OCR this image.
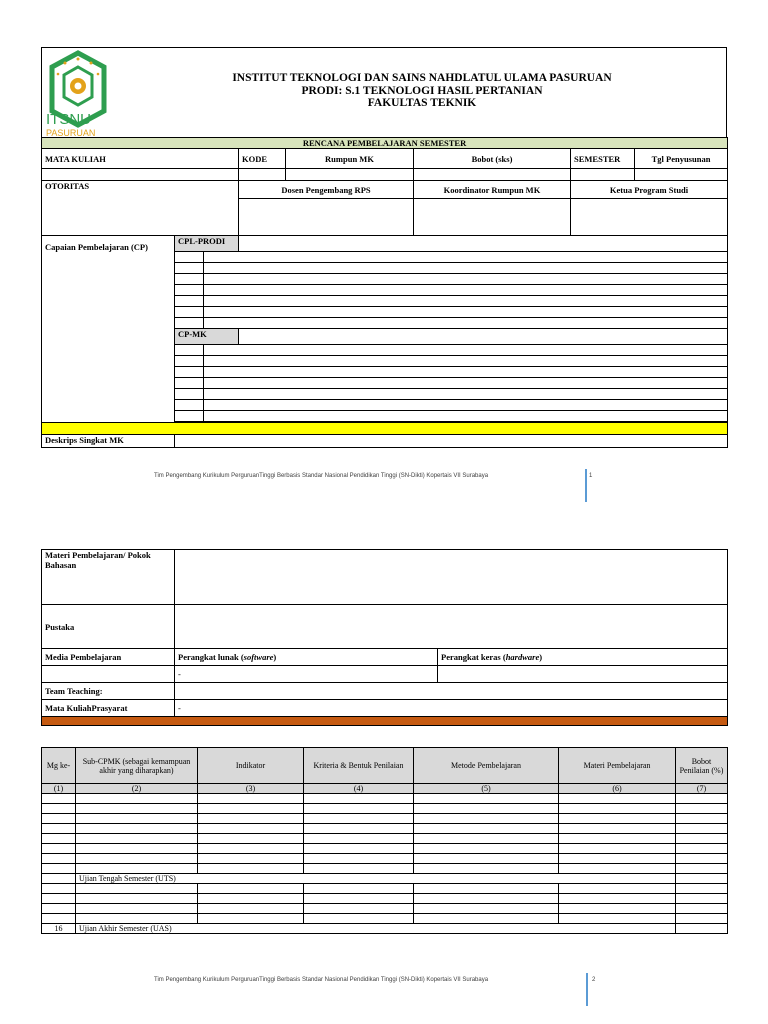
ITSNU
PASURUAN
INSTITUT TEKNOLOGI DAN SAINS NAHDLATUL ULAMA PASURUAN
PRODI: S.1 TEKNOLOGI HASIL PERTANIAN
FAKULTAS TEKNIK
RENCANA PEMBELAJARAN SEMESTER							
MATA KULIAH			KODE	Rumpun MK	Bobot (sks)	SEMESTER	Tgl Penyusunan

OTORITAS			Dosen Pengembang RPS		Koordinator Rumpun MK	Ketua Program Studi	

Capaian Pembelajaran (CP)	CPL-PRODI						

	CP-MK						

Deskrips Singkat MK							
Tim Pengembang Kurikulum PerguruanTinggi Berbasis Standar Nasional Pendidikan Tinggi (SN-Dikti) Kopertais VII Surabaya	1
Materi Pembelajaran/ Pokok Bahasan		
Pustaka		
Media Pembelajaran	Perangkat lunak (software)	Perangkat keras (hardware)
	-	
Team Teaching:		
Mata KuliahPrasyarat	-	

Mg ke-	Sub-CPMK (sebagai kemampuan akhir yang diharapkan)	Indikator	Kriteria & Bentuk Penilaian	Metode Pembelajaran	Materi Pembelajaran	Bobot Penilaian (%)
(1)	(2)	(3)	(4)	(5)	(6)	(7)

	Ujian Tengah Semester (UTS)					

16	Ujian Akhir Semester (UAS)					
Tim Pengembang Kurikulum PerguruanTinggi Berbasis Standar Nasional Pendidikan Tinggi (SN-Dikti) Kopertais VII Surabaya	2
